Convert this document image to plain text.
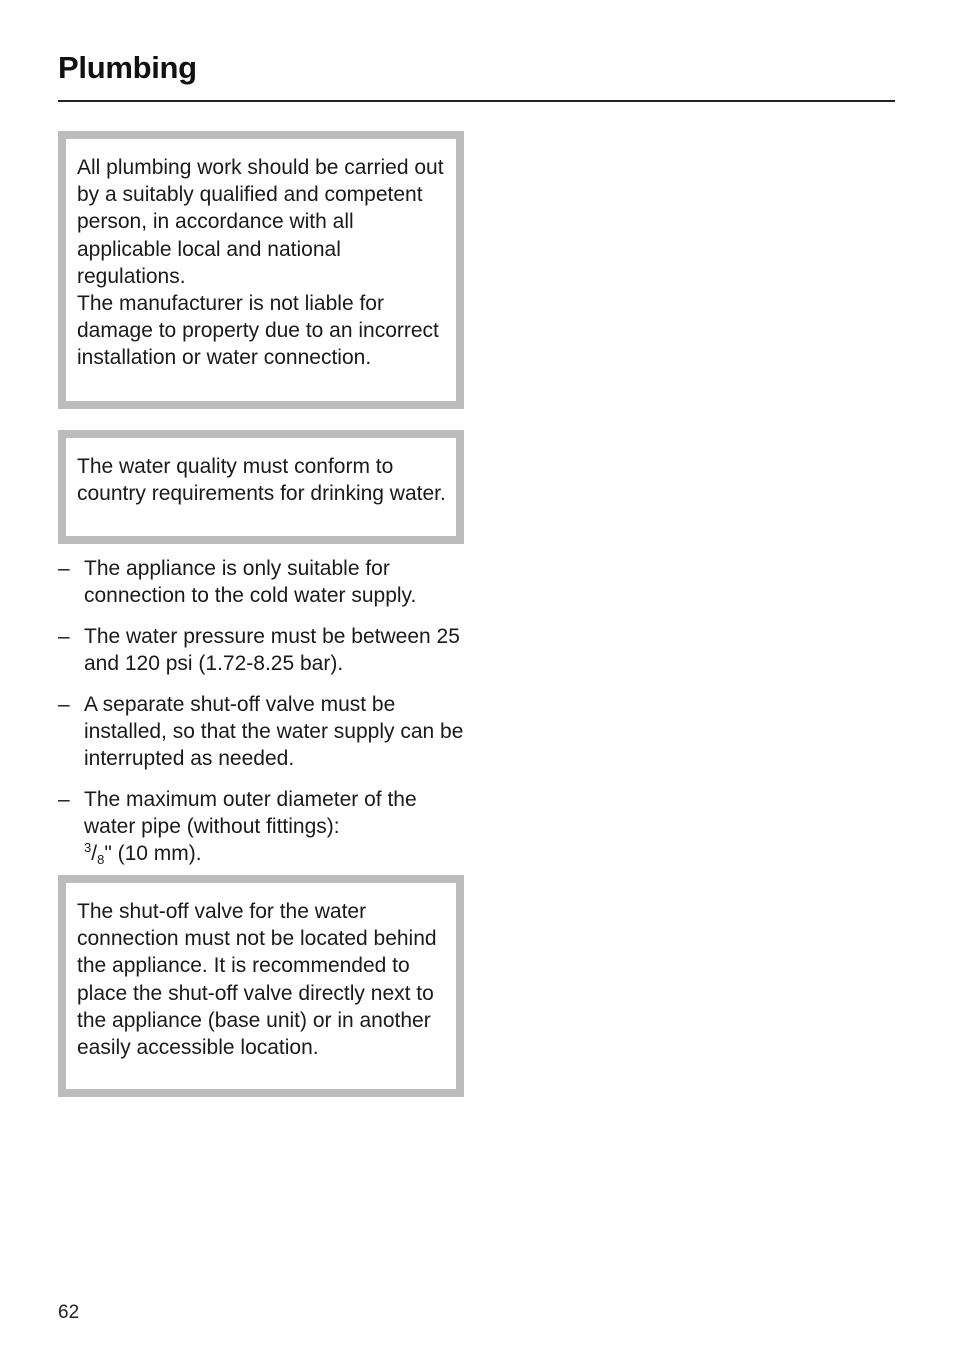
Plumbing

All plumbing work should be carried out by a suitably qualified and competent person, in accordance with all applicable local and national regulations.

The manufacturer is not liable for damage to property due to an incorrect installation or water connection.

The water quality must conform to country requirements for drinking water.

– The appliance is only suitable for connection to the cold water supply.
– The water pressure must be between 25 and 120 psi (1.72-8.25 bar).
– A separate shut-off valve must be installed, so that the water supply can be interrupted as needed.
– The maximum outer diameter of the water pipe (without fittings):
$^3/_8$" (10 mm).

The shut-off valve for the water connection must not be located behind the appliance. It is recommended to place the shut-off valve directly next to the appliance (base unit) or in another easily accessible location.

62
